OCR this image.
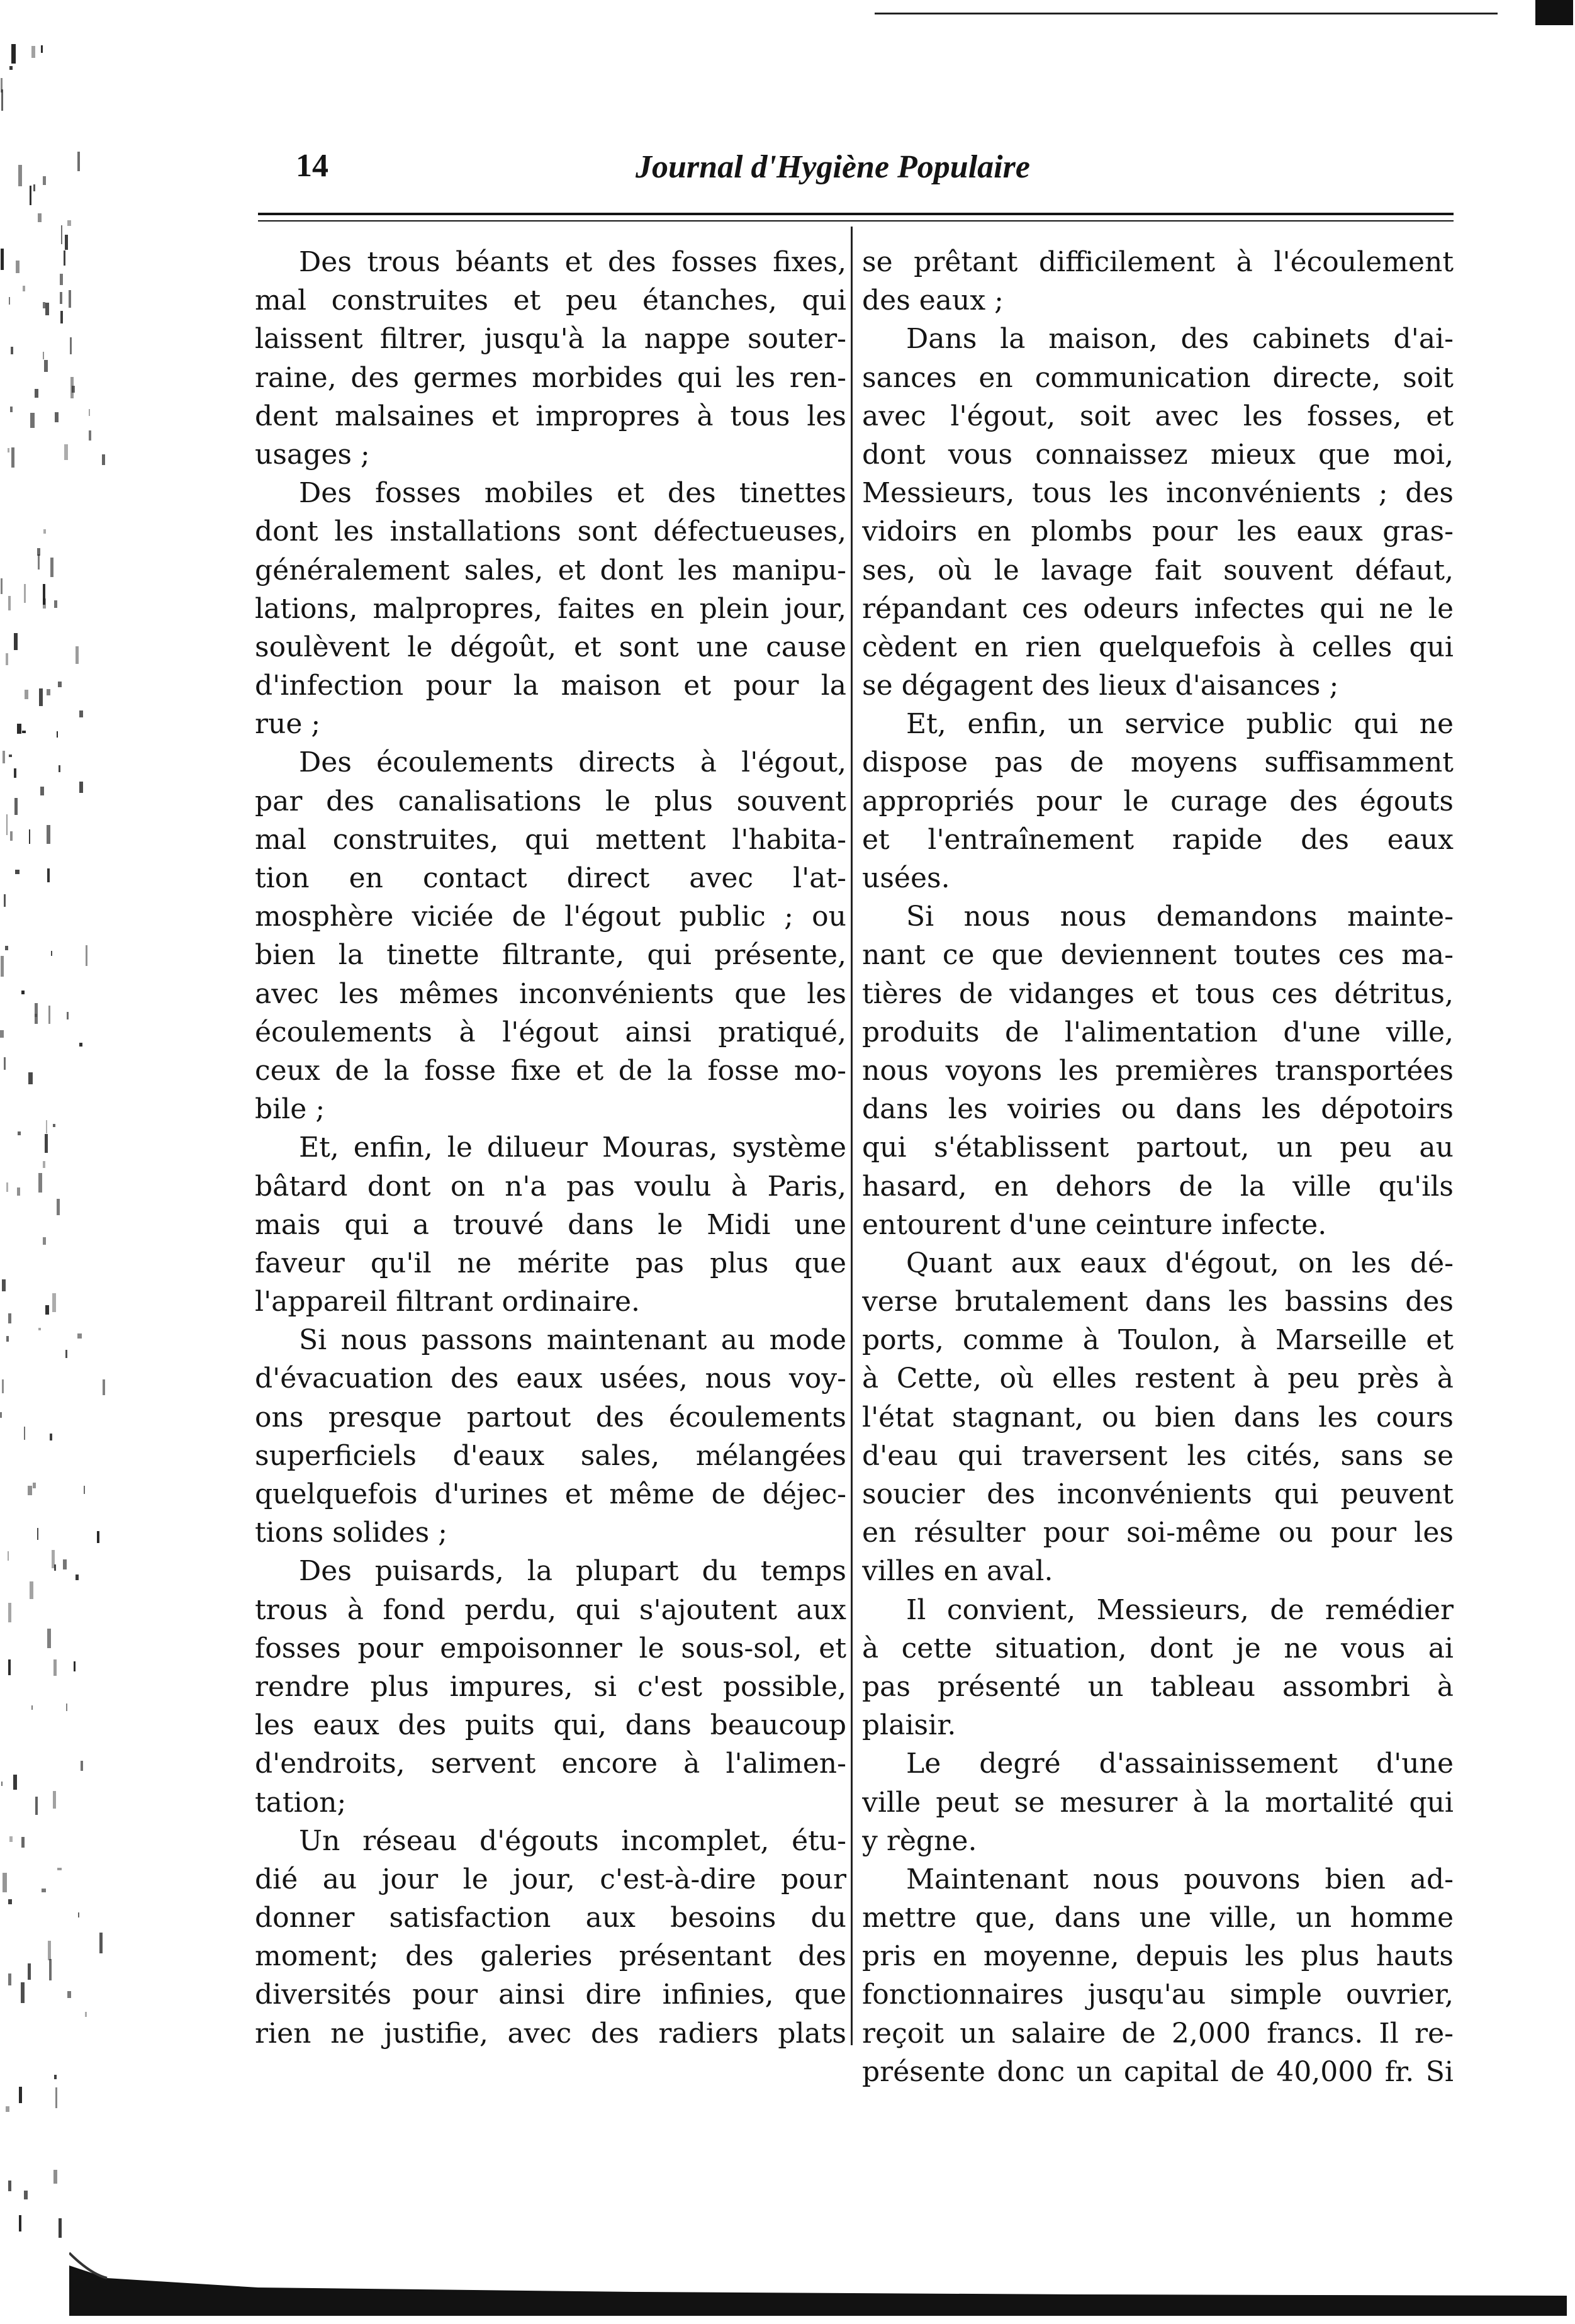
14	Journal d'Hygiène Populaire
Des trous béants et des fosses fixes,
mal construites et peu étanches, qui
laissent filtrer, jusqu'à la nappe souter-
raine, des germes morbides qui les ren-
dent malsaines et impropres à tous les
usages ;
Des fosses mobiles et des tinettes
dont les installations sont défectueuses,
généralement sales, et dont les manipu-
lations, malpropres, faites en plein jour,
soulèvent le dégoût, et sont une cause
d'infection pour la maison et pour la
rue ;
Des écoulements directs à l'égout,
par des canalisations le plus souvent
mal construites, qui mettent l'habita-
tion en contact direct avec l'at-
mosphère viciée de l'égout public ; ou
bien la tinette filtrante, qui présente,
avec les mêmes inconvénients que les
écoulements à l'égout ainsi pratiqué,
ceux de la fosse fixe et de la fosse mo-
bile ;
Et, enfin, le dilueur Mouras, système
bâtard dont on n'a pas voulu à Paris,
mais qui a trouvé dans le Midi une
faveur qu'il ne mérite pas plus que
l'appareil filtrant ordinaire.
Si nous passons maintenant au mode
d'évacuation des eaux usées, nous voy-
ons presque partout des écoulements
superficiels d'eaux sales, mélangées
quelquefois d'urines et même de déjec-
tions solides ;
Des puisards, la plupart du temps
trous à fond perdu, qui s'ajoutent aux
fosses pour empoisonner le sous-sol, et
rendre plus impures, si c'est possible,
les eaux des puits qui, dans beaucoup
d'endroits, servent encore à l'alimen-
tation;
Un réseau d'égouts incomplet, étu-
dié au jour le jour, c'est-à-dire pour
donner satisfaction aux besoins du
moment; des galeries présentant des
diversités pour ainsi dire infinies, que
rien ne justifie, avec des radiers plats
se prêtant difficilement à l'écoulement
des eaux ;
Dans la maison, des cabinets d'ai-
sances en communication directe, soit
avec l'égout, soit avec les fosses, et
dont vous connaissez mieux que moi,
Messieurs, tous les inconvénients ; des
vidoirs en plombs pour les eaux gras-
ses, où le lavage fait souvent défaut,
répandant ces odeurs infectes qui ne le
cèdent en rien quelquefois à celles qui
se dégagent des lieux d'aisances ;
Et, enfin, un service public qui ne
dispose pas de moyens suffisamment
appropriés pour le curage des égouts
et l'entraînement rapide des eaux
usées.
Si nous nous demandons mainte-
nant ce que deviennent toutes ces ma-
tières de vidanges et tous ces détritus,
produits de l'alimentation d'une ville,
nous voyons les premières transportées
dans les voiries ou dans les dépotoirs
qui s'établissent partout, un peu au
hasard, en dehors de la ville qu'ils
entourent d'une ceinture infecte.
Quant aux eaux d'égout, on les dé-
verse brutalement dans les bassins des
ports, comme à Toulon, à Marseille et
à Cette, où elles restent à peu près à
l'état stagnant, ou bien dans les cours
d'eau qui traversent les cités, sans se
soucier des inconvénients qui peuvent
en résulter pour soi-même ou pour les
villes en aval.
Il convient, Messieurs, de remédier
à cette situation, dont je ne vous ai
pas présenté un tableau assombri à
plaisir.
Le degré d'assainissement d'une
ville peut se mesurer à la mortalité qui
y règne.
Maintenant nous pouvons bien ad-
mettre que, dans une ville, un homme
pris en moyenne, depuis les plus hauts
fonctionnaires jusqu'au simple ouvrier,
reçoit un salaire de 2,000 francs. Il re-
présente donc un capital de 40,000 fr. Si
